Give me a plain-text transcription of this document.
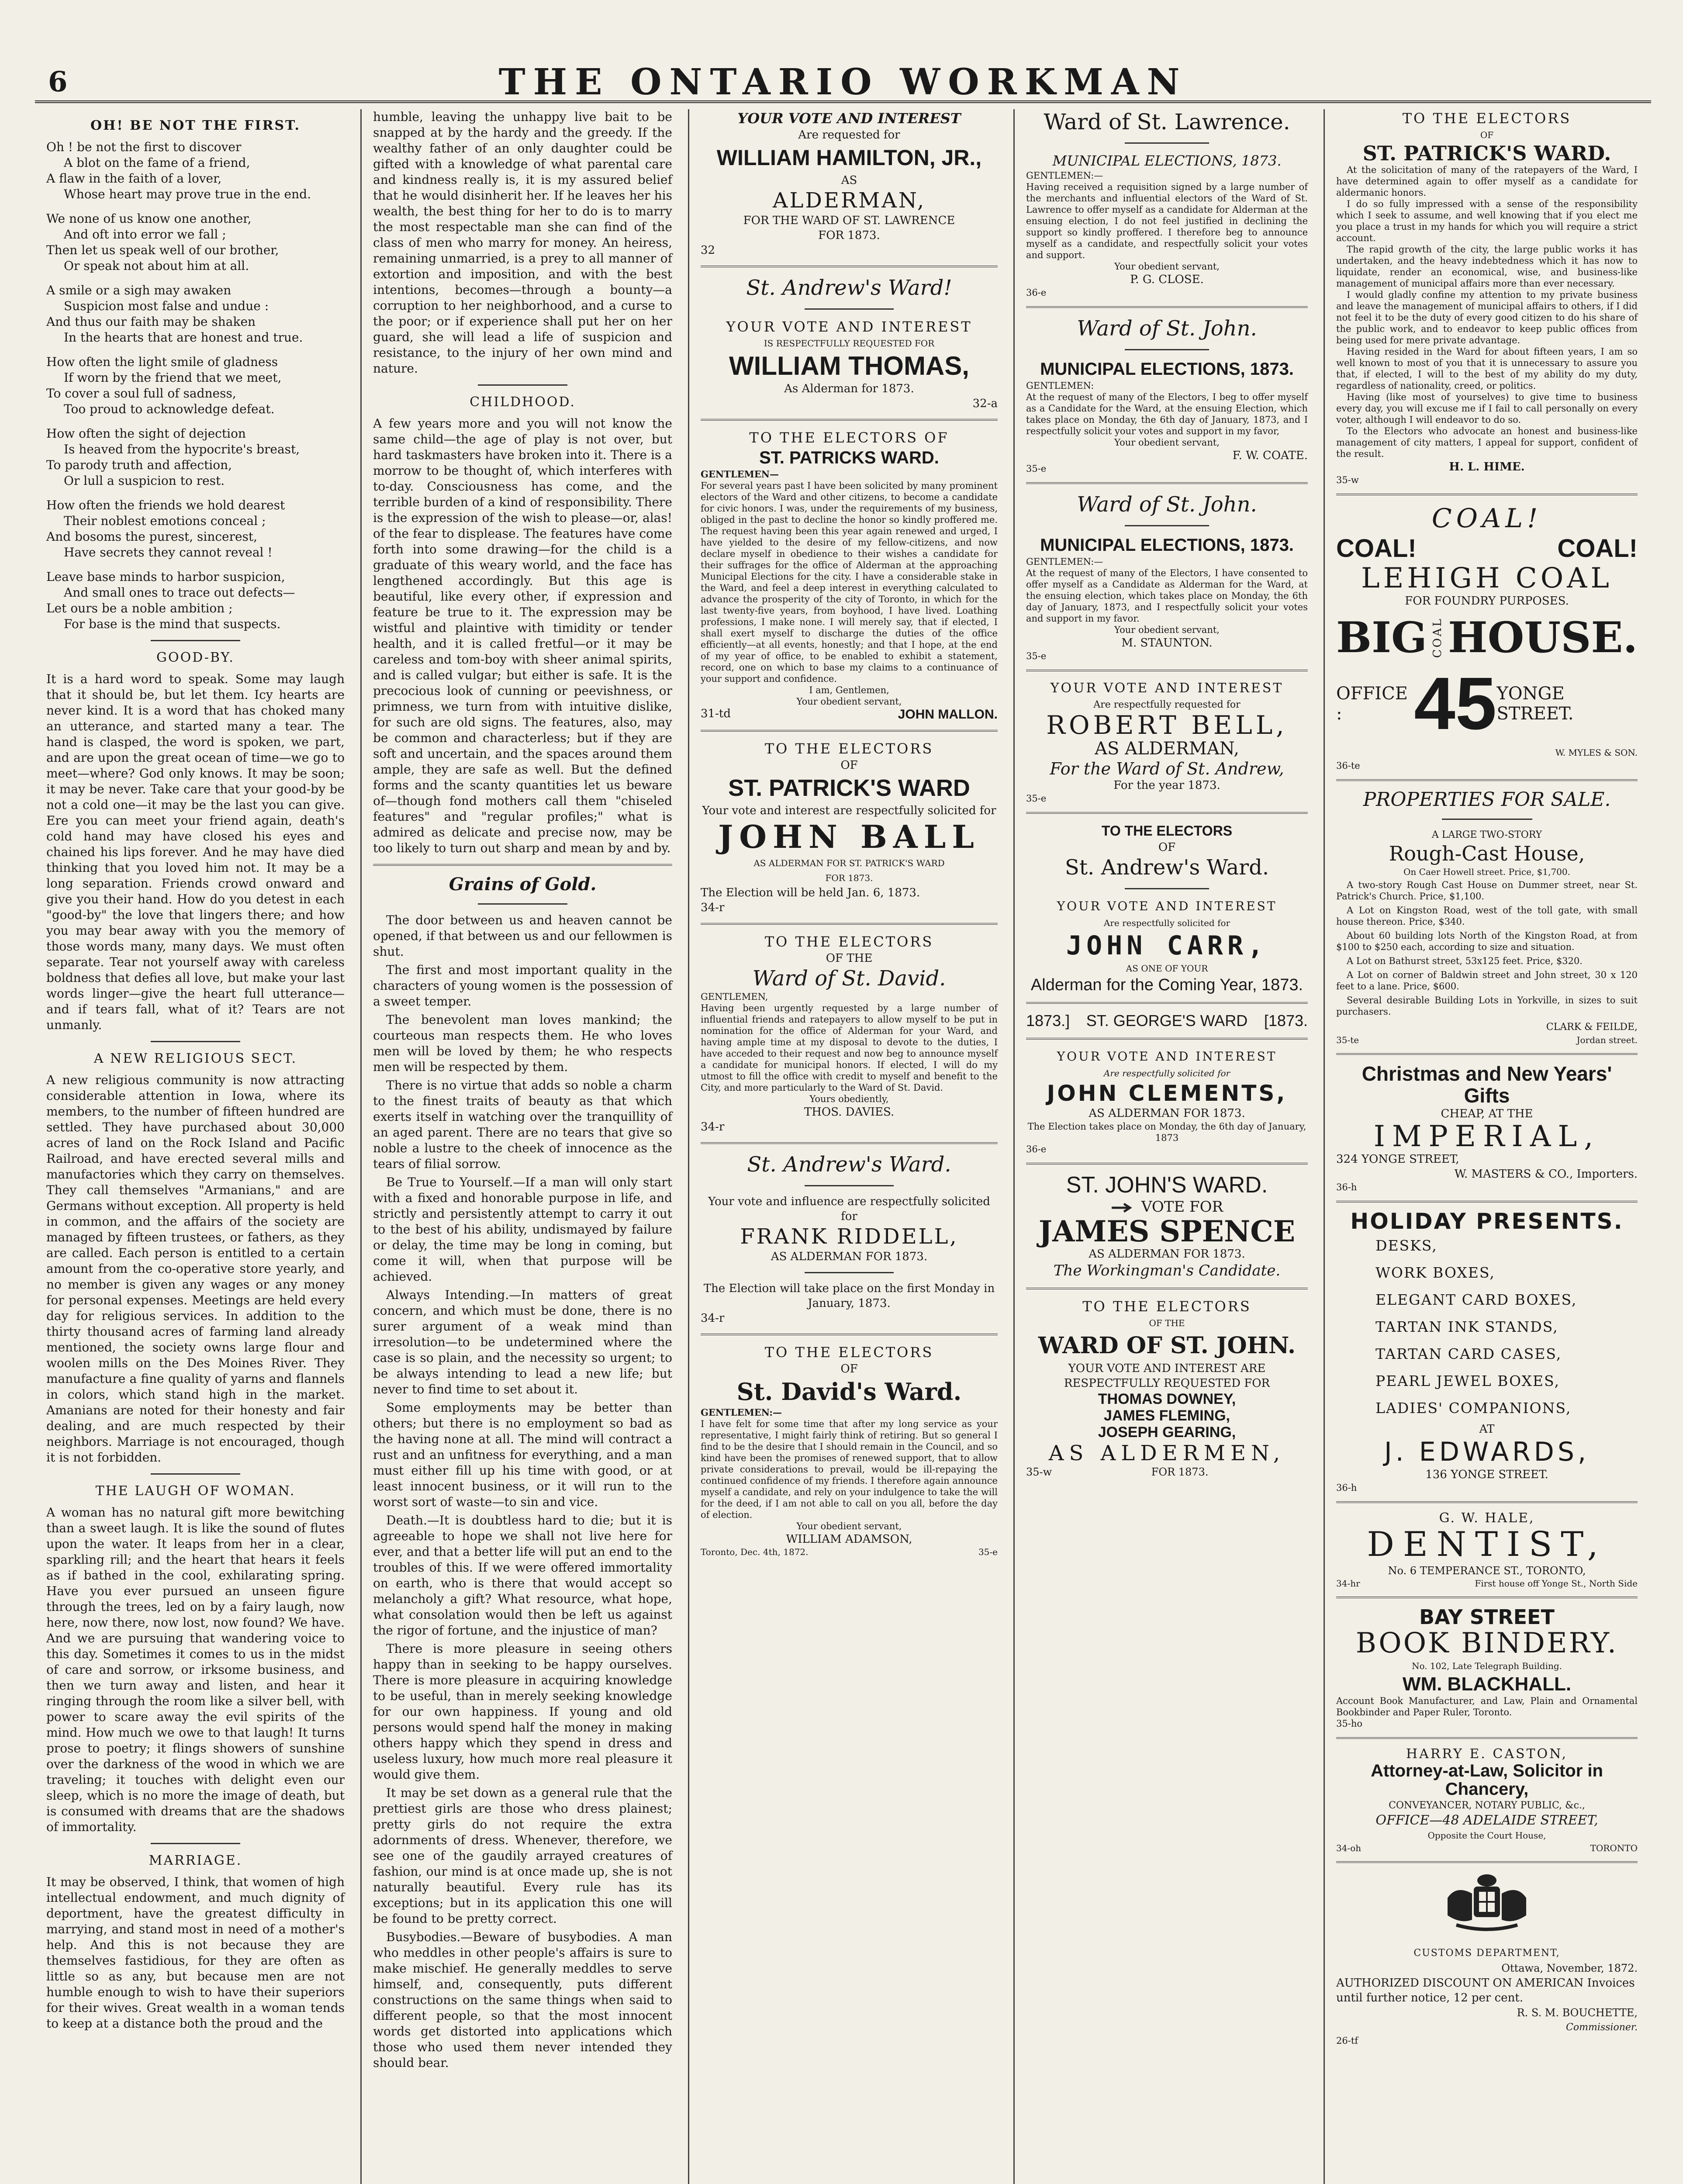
6	THE ONTARIO WORKMAN
OH! BE NOT THE FIRST.
Oh ! be not the first to discover
A blot on the fame of a friend,
A flaw in the faith of a lover,
Whose heart may prove true in the end.
We none of us know one another,
And oft into error we fall ;
Then let us speak well of our brother,
Or speak not about him at all.
A smile or a sigh may awaken
Suspicion most false and undue :
And thus our faith may be shaken
In the hearts that are honest and true.
How often the light smile of gladness
If worn by the friend that we meet,
To cover a soul full of sadness,
Too proud to acknowledge defeat.
How often the sight of dejection
Is heaved from the hypocrite's breast,
To parody truth and affection,
Or lull a suspicion to rest.
How often the friends we hold dearest
Their noblest emotions conceal ;
And bosoms the purest, sincerest,
Have secrets they cannot reveal !
Leave base minds to harbor suspicion,
And small ones to trace out defects—
Let ours be a noble ambition ;
For base is the mind that suspects.
GOOD-BY.
It is a hard word to speak. Some may laugh that it should be, but let them. Icy hearts are never kind. It is a word that has choked many an utterance, and started many a tear. The hand is clasped, the word is spoken, we part, and are upon the great ocean of time—we go to meet—where? God only knows. It may be soon; it may be never. Take care that your good-by be not a cold one—it may be the last you can give. Ere you can meet your friend again, death's cold hand may have closed his eyes and chained his lips forever. And he may have died thinking that you loved him not. It may be a long separation. Friends crowd onward and give you their hand. How do you detest in each "good-by" the love that lingers there; and how you may bear away with you the memory of those words many, many days. We must often separate. Tear not yourself away with careless boldness that defies all love, but make your last words linger—give the heart full utterance—and if tears fall, what of it? Tears are not unmanly.
A NEW RELIGIOUS SECT.
A new religious community is now attracting considerable attention in Iowa, where its members, to the number of fifteen hundred are settled. They have purchased about 30,000 acres of land on the Rock Island and Pacific Railroad, and have erected several mills and manufactories which they carry on themselves. They call themselves "Armanians," and are Germans without exception. All property is held in common, and the affairs of the society are managed by fifteen trustees, or fathers, as they are called. Each person is entitled to a certain amount from the co-operative store yearly, and no member is given any wages or any money for personal expenses. Meetings are held every day for religious services. In addition to the thirty thousand acres of farming land already mentioned, the society owns large flour and woolen mills on the Des Moines River. They manufacture a fine quality of yarns and flannels in colors, which stand high in the market. Amanians are noted for their honesty and fair dealing, and are much respected by their neighbors. Marriage is not encouraged, though it is not forbidden.
THE LAUGH OF WOMAN.
A woman has no natural gift more bewitching than a sweet laugh. It is like the sound of flutes upon the water. It leaps from her in a clear, sparkling rill; and the heart that hears it feels as if bathed in the cool, exhilarating spring. Have you ever pursued an unseen figure through the trees, led on by a fairy laugh, now here, now there, now lost, now found? We have. And we are pursuing that wandering voice to this day. Sometimes it comes to us in the midst of care and sorrow, or irksome business, and then we turn away and listen, and hear it ringing through the room like a silver bell, with power to scare away the evil spirits of the mind. How much we owe to that laugh! It turns prose to poetry; it flings showers of sunshine over the darkness of the wood in which we are traveling; it touches with delight even our sleep, which is no more the image of death, but is consumed with dreams that are the shadows of immortality.
MARRIAGE.
It may be observed, I think, that women of high intellectual endowment, and much dignity of deportment, have the greatest difficulty in marrying, and stand most in need of a mother's help. And this is not because they are themselves fastidious, for they are often as little so as any, but because men are not humble enough to wish to have their superiors for their wives. Great wealth in a woman tends to keep at a distance both the proud and the
humble, leaving the unhappy live bait to be snapped at by the hardy and the greedy. If the wealthy father of an only daughter could be gifted with a knowledge of what parental care and kindness really is, it is my assured belief that he would disinherit her. If he leaves her his wealth, the best thing for her to do is to marry the most respectable man she can find of the class of men who marry for money. An heiress, remaining unmarried, is a prey to all manner of extortion and imposition, and with the best intentions, becomes—through a bounty—a corruption to her neighborhood, and a curse to the poor; or if experience shall put her on her guard, she will lead a life of suspicion and resistance, to the injury of her own mind and nature.
CHILDHOOD.
A few years more and you will not know the same child—the age of play is not over, but hard taskmasters have broken into it. There is a morrow to be thought of, which interferes with to-day. Consciousness has come, and the terrible burden of a kind of responsibility. There is the expression of the wish to please—or, alas! of the fear to displease. The features have come forth into some drawing—for the child is a graduate of this weary world, and the face has lengthened accordingly. But this age is beautiful, like every other, if expression and feature be true to it. The expression may be wistful and plaintive with timidity or tender health, and it is called fretful—or it may be careless and tom-boy with sheer animal spirits, and is called vulgar; but either is safe. It is the precocious look of cunning or peevishness, or primness, we turn from with intuitive dislike, for such are old signs. The features, also, may be common and characterless; but if they are soft and uncertain, and the spaces around them ample, they are safe as well. But the defined forms and the scanty quantities let us beware of—though fond mothers call them "chiseled features" and "regular profiles;" what is admired as delicate and precise now, may be too likely to turn out sharp and mean by and by.
Grains of Gold.
The door between us and heaven cannot be opened, if that between us and our fellowmen is shut.
The first and most important quality in the characters of young women is the possession of a sweet temper.
The benevolent man loves mankind; the courteous man respects them. He who loves men will be loved by them; he who respects men will be respected by them.
There is no virtue that adds so noble a charm to the finest traits of beauty as that which exerts itself in watching over the tranquillity of an aged parent. There are no tears that give so noble a lustre to the cheek of innocence as the tears of filial sorrow.
Be True to Yourself.—If a man will only start with a fixed and honorable purpose in life, and strictly and persistently attempt to carry it out to the best of his ability, undismayed by failure or delay, the time may be long in coming, but come it will, when that purpose will be achieved.
Always Intending.—In matters of great concern, and which must be done, there is no surer argument of a weak mind than irresolution—to be undetermined where the case is so plain, and the necessity so urgent; to be always intending to lead a new life; but never to find time to set about it.
Some employments may be better than others; but there is no employment so bad as the having none at all. The mind will contract a rust and an unfitness for everything, and a man must either fill up his time with good, or at least innocent business, or it will run to the worst sort of waste—to sin and vice.
Death.—It is doubtless hard to die; but it is agreeable to hope we shall not live here for ever, and that a better life will put an end to the troubles of this. If we were offered immortality on earth, who is there that would accept so melancholy a gift? What resource, what hope, what consolation would then be left us against the rigor of fortune, and the injustice of man?
There is more pleasure in seeing others happy than in seeking to be happy ourselves. There is more pleasure in acquiring knowledge to be useful, than in merely seeking knowledge for our own happiness. If young and old persons would spend half the money in making others happy which they spend in dress and useless luxury, how much more real pleasure it would give them.
It may be set down as a general rule that the prettiest girls are those who dress plainest; pretty girls do not require the extra adornments of dress. Whenever, therefore, we see one of the gaudily arrayed creatures of fashion, our mind is at once made up, she is not naturally beautiful. Every rule has its exceptions; but in its application this one will be found to be pretty correct.
Busybodies.—Beware of busybodies. A man who meddles in other people's affairs is sure to make mischief. He generally meddles to serve himself, and, consequently, puts different constructions on the same things when said to different people, so that the most innocent words get distorted into applications which those who used them never intended they should bear.
YOUR VOTE AND INTEREST
Are requested for
WILLIAM HAMILTON, JR.,
AS
ALDERMAN,
FOR THE WARD OF ST. LAWRENCE
FOR 1873.
32
St. Andrew's Ward!
YOUR VOTE AND INTEREST
IS RESPECTFULLY REQUESTED FOR
WILLIAM THOMAS,
As Alderman for 1873.
32-a
TO THE ELECTORS OF
ST. PATRICKS WARD.
GENTLEMEN—
For several years past I have been solicited by many prominent electors of the Ward and other citizens, to become a candidate for civic honors. I was, under the requirements of my business, obliged in the past to decline the honor so kindly proffered me. The request having been this year again renewed and urged, I have yielded to the desire of my fellow-citizens, and now declare myself in obedience to their wishes a candidate for their suffrages for the office of Alderman at the approaching Municipal Elections for the city. I have a considerable stake in the Ward, and feel a deep interest in everything calculated to advance the prosperity of the city of Toronto, in which for the last twenty-five years, from boyhood, I have lived. Loathing professions, I make none. I will merely say, that if elected, I shall exert myself to discharge the duties of the office efficiently—at all events, honestly; and that I hope, at the end of my year of office, to be enabled to exhibit a statement, record, one on which to base my claims to a continuance of your support and confidence.
I am, Gentlemen,
Your obedient servant,
31-td	JOHN MALLON.
TO THE ELECTORS
OF
ST. PATRICK'S WARD
Your vote and interest are respectfully solicited for
JOHN BALL
AS ALDERMAN FOR ST. PATRICK'S WARD
FOR 1873.
The Election will be held Jan. 6, 1873.
34-r
TO THE ELECTORS
OF THE
Ward of St. David.
GENTLEMEN,
Having been urgently requested by a large number of influential friends and ratepayers to allow myself to be put in nomination for the office of Alderman for your Ward, and having ample time at my disposal to devote to the duties, I have acceded to their request and now beg to announce myself a candidate for municipal honors. If elected, I will do my utmost to fill the office with credit to myself and benefit to the City, and more particularly to the Ward of St. David.
Yours obediently,
THOS. DAVIES.
34-r
St. Andrew's Ward.
Your vote and influence are respectfully solicited for
FRANK RIDDELL,
AS ALDERMAN FOR 1873.
The Election will take place on the first Monday in January, 1873.
34-r
TO THE ELECTORS
OF
St. David's Ward.
GENTLEMEN:—
I have felt for some time that after my long service as your representative, I might fairly think of retiring. But so general I find to be the desire that I should remain in the Council, and so kind have been the promises of renewed support, that to allow private considerations to prevail, would be ill-repaying the continued confidence of my friends. I therefore again announce myself a candidate, and rely on your indulgence to take the will for the deed, if I am not able to call on you all, before the day of election.
Your obedient servant,
WILLIAM ADAMSON,
Toronto, Dec. 4th, 1872.	35-e
Ward of St. Lawrence.
MUNICIPAL ELECTIONS, 1873.
GENTLEMEN:—
Having received a requisition signed by a large number of the merchants and influential electors of the Ward of St. Lawrence to offer myself as a candidate for Alderman at the ensuing election, I do not feel justified in declining the support so kindly proffered. I therefore beg to announce myself as a candidate, and respectfully solicit your votes and support.
Your obedient servant,
P. G. CLOSE.
36-e
Ward of St. John.
MUNICIPAL ELECTIONS, 1873.
GENTLEMEN:
At the request of many of the Electors, I beg to offer myself as a Candidate for the Ward, at the ensuing Election, which takes place on Monday, the 6th day of January, 1873, and I respectfully solicit your votes and support in my favor,
Your obedient servant,
F. W. COATE.
35-e
Ward of St. John.
MUNICIPAL ELECTIONS, 1873.
GENTLEMEN:—
At the request of many of the Electors, I have consented to offer myself as a Candidate as Alderman for the Ward, at the ensuing election, which takes place on Monday, the 6th day of January, 1873, and I respectfully solicit your votes and support in my favor.
Your obedient servant,
M. STAUNTON.
35-e
YOUR VOTE AND INTEREST
Are respectfully requested for
ROBERT BELL,
AS ALDERMAN,
For the Ward of St. Andrew,
For the year 1873.
35-e
TO THE ELECTORS
OF
St. Andrew's Ward.
YOUR VOTE AND INTEREST
Are respectfully solicited for
JOHN CARR,
AS ONE OF YOUR
Alderman for the Coming Year, 1873.
1873.] ST. GEORGE'S WARD [1873.
YOUR VOTE AND INTEREST
Are respectfully solicited for
JOHN CLEMENTS,
AS ALDERMAN FOR 1873.
The Election takes place on Monday, the 6th day of January, 1873
36-e
ST. JOHN'S WARD.
VOTE FOR
JAMES SPENCE
AS ALDERMAN FOR 1873.
The Workingman's Candidate.
TO THE ELECTORS
OF THE
WARD OF ST. JOHN.
YOUR VOTE AND INTEREST ARE RESPECTFULLY REQUESTED FOR
THOMAS DOWNEY,
JAMES FLEMING,
JOSEPH GEARING,
AS ALDERMEN,
35-w	FOR 1873.
TO THE ELECTORS
OF
ST. PATRICK'S WARD.
At the solicitation of many of the ratepayers of the Ward, I have determined again to offer myself as a candidate for aldermanic honors.
I do so fully impressed with a sense of the responsibility which I seek to assume, and well knowing that if you elect me you place a trust in my hands for which you will require a strict account.
The rapid growth of the city, the large public works it has undertaken, and the heavy indebtedness which it has now to liquidate, render an economical, wise, and business-like management of municipal affairs more than ever necessary.
I would gladly confine my attention to my private business and leave the management of municipal affairs to others, if I did not feel it to be the duty of every good citizen to do his share of the public work, and to endeavor to keep public offices from being used for mere private advantage.
Having resided in the Ward for about fifteen years, I am so well known to most of you that it is unnecessary to assure you that, if elected, I will to the best of my ability do my duty, regardless of nationality, creed, or politics.
Having (like most of yourselves) to give time to business every day, you will excuse me if I fail to call personally on every voter, although I will endeavor to do so.
To the Electors who advocate an honest and business-like management of city matters, I appeal for support, confident of the result.
H. L. HIME.
35-w
COAL!
COAL!	COAL!
LEHIGH COAL
FOR FOUNDRY PURPOSES.
BIG COAL HOUSE.
OFFICE : 45 YONGE STREET.
W. MYLES & SON.
36-te
PROPERTIES FOR SALE.
A LARGE TWO-STORY
Rough-Cast House,
On Caer Howell street. Price, $1,700.
A two-story Rough Cast House on Dummer street, near St. Patrick's Church. Price, $1,100.
A Lot on Kingston Road, west of the toll gate, with small house thereon. Price, $340.
About 60 building lots North of the Kingston Road, at from $100 to $250 each, according to size and situation.
A Lot on Bathurst street, 53x125 feet. Price, $320.
A Lot on corner of Baldwin street and John street, 30 x 120 feet to a lane. Price, $600.
Several desirable Building Lots in Yorkville, in sizes to suit purchasers.
CLARK & FEILDE,
35-te	Jordan street.
Christmas and New Years' Gifts
CHEAP, AT THE
IMPERIAL,
324 YONGE STREET,
W. MASTERS & CO., Importers.
36-h
HOLIDAY PRESENTS.
DESKS,
WORK BOXES,
ELEGANT CARD BOXES,
TARTAN INK STANDS,
TARTAN CARD CASES,
PEARL JEWEL BOXES,
LADIES' COMPANIONS,
AT
J. EDWARDS,
136 YONGE STREET.
36-h
G. W. HALE,
DENTIST,
No. 6 TEMPERANCE ST., TORONTO,
34-hr	First house off Yonge St., North Side
BAY STREET
BOOK BINDERY.
No. 102, Late Telegraph Building.
WM. BLACKHALL.
Account Book Manufacturer, and Law, Plain and Ornamental Bookbinder and Paper Ruler, Toronto.
35-ho
HARRY E. CASTON,
Attorney-at-Law, Solicitor in Chancery,
CONVEYANCER, NOTARY PUBLIC, &c.,
OFFICE—48 ADELAIDE STREET,
Opposite the Court House,
34-oh	TORONTO
CUSTOMS DEPARTMENT,
Ottawa, November, 1872.
AUTHORIZED DISCOUNT ON AMERICAN Invoices until further notice, 12 per cent.
R. S. M. BOUCHETTE,
Commissioner.
26-tf
